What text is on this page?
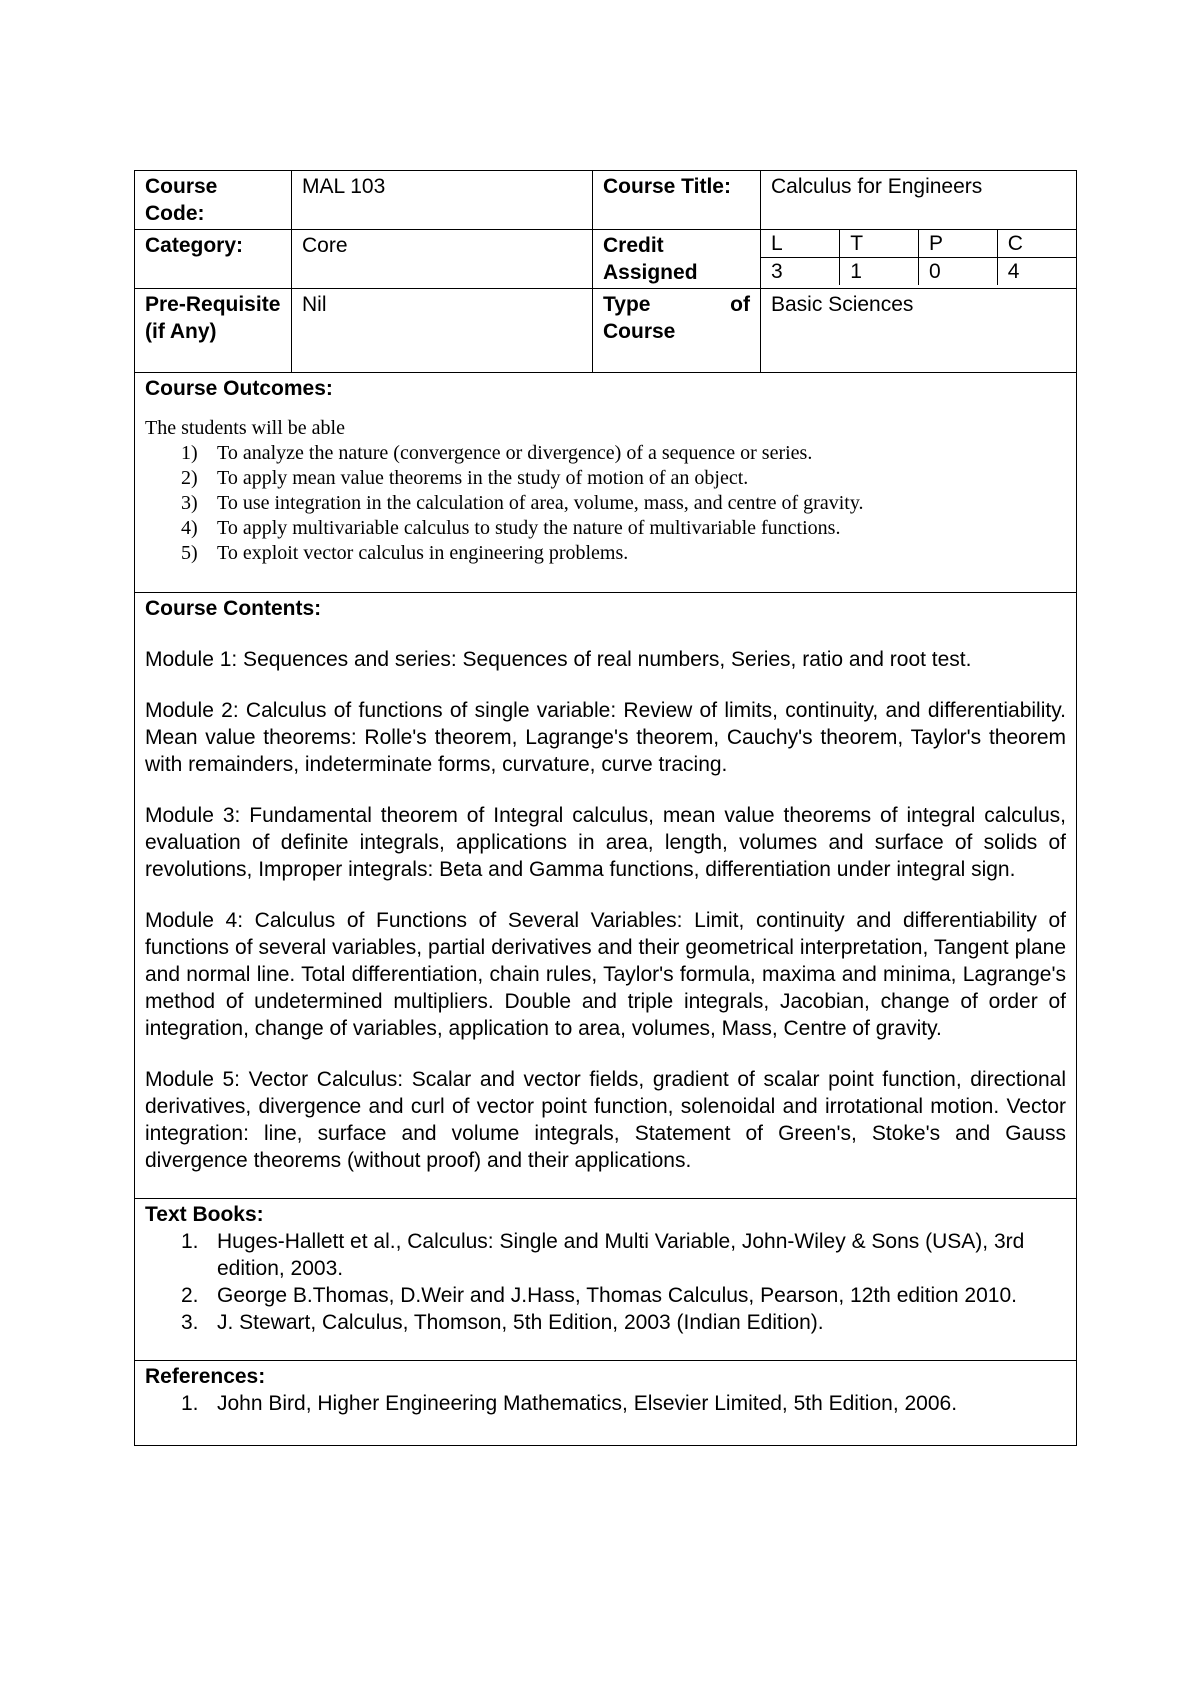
Course Code:	MAL 103	Course Title:	Calculus for Engineers
Category:	Core	Credit Assigned	
L	T	P	C
3	1	0	4

Pre-Requisite (if Any)	Nil	Type of Course	Basic Sciences

Course Outcomes:

The students will be able
1) To analyze the nature (convergence or divergence) of a sequence or series.
2) To apply mean value theorems in the study of motion of an object.
3) To use integration in the calculation of area, volume, mass, and centre of gravity.
4) To apply multivariable calculus to study the nature of multivariable functions.
5) To exploit vector calculus in engineering problems.

Course Contents:

Module 1: Sequences and series: Sequences of real numbers, Series, ratio and root test.

Module 2: Calculus of functions of single variable: Review of limits, continuity, and differentiability. Mean value theorems: Rolle's theorem, Lagrange's theorem, Cauchy's theorem, Taylor's theorem with remainders, indeterminate forms, curvature, curve tracing.

Module 3: Fundamental theorem of Integral calculus, mean value theorems of integral calculus, evaluation of definite integrals, applications in area, length, volumes and surface of solids of revolutions, Improper integrals: Beta and Gamma functions, differentiation under integral sign.

Module 4: Calculus of Functions of Several Variables: Limit, continuity and differentiability of functions of several variables, partial derivatives and their geometrical interpretation, Tangent plane and normal line. Total differentiation, chain rules, Taylor's formula, maxima and minima, Lagrange's method of undetermined multipliers. Double and triple integrals, Jacobian, change of order of integration, change of variables, application to area, volumes, Mass, Centre of gravity.

Module 5: Vector Calculus: Scalar and vector fields, gradient of scalar point function, directional derivatives, divergence and curl of vector point function, solenoidal and irrotational motion. Vector integration: line, surface and volume integrals, Statement of Green's, Stoke's and Gauss divergence theorems (without proof) and their applications.

Text Books:

1. Huges-Hallett et al., Calculus: Single and Multi Variable, John-Wiley & Sons (USA), 3rd edition, 2003.
2. George B.Thomas, D.Weir and J.Hass, Thomas Calculus, Pearson, 12th edition 2010.
3. J. Stewart, Calculus, Thomson, 5th Edition, 2003 (Indian Edition).

References:

1. John Bird, Higher Engineering Mathematics, Elsevier Limited, 5th Edition, 2006.
